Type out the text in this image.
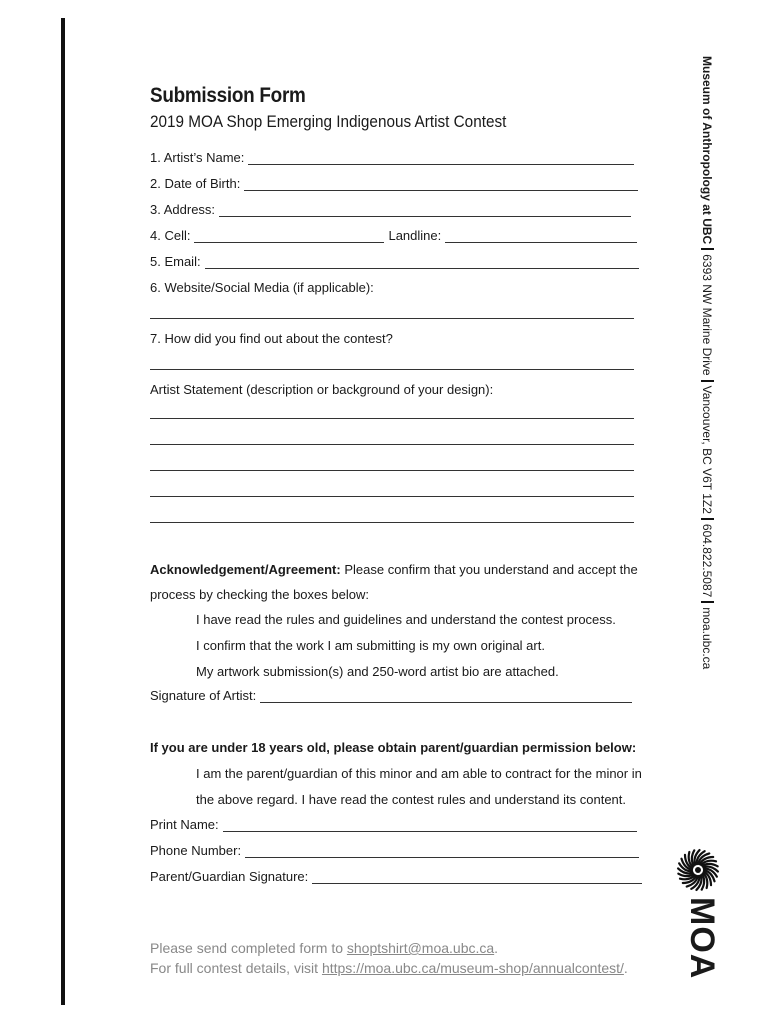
Submission Form
2019 MOA Shop Emerging Indigenous Artist Contest
1. Artist’s Name:
2. Date of Birth:
3. Address:
4. Cell:	Landline:
5. Email:
6. Website/Social Media (if applicable):
7. How did you find out about the contest?
Artist Statement (description or background of your design):
Acknowledgement/Agreement: Please confirm that you understand and accept the
process by checking the boxes below:
I have read the rules and guidelines and understand the contest process.
I confirm that the work I am submitting is my own original art.
My artwork submission(s) and 250-word artist bio are attached.
Signature of Artist:
If you are under 18 years old, please obtain parent/guardian permission below:
I am the parent/guardian of this minor and am able to contract for the minor in
the above regard. I have read the contest rules and understand its content.
Print Name:
Phone Number:
Parent/Guardian Signature:
Please send completed form to shoptshirt@moa.ubc.ca.
For full contest details, visit https://moa.ubc.ca/museum-shop/annualcontest/.
Museum of Anthropology at UBC6393 NW Marine DriveVancouver, BC V6T 1Z2604.822.5087moa.ubc.ca
MOA
